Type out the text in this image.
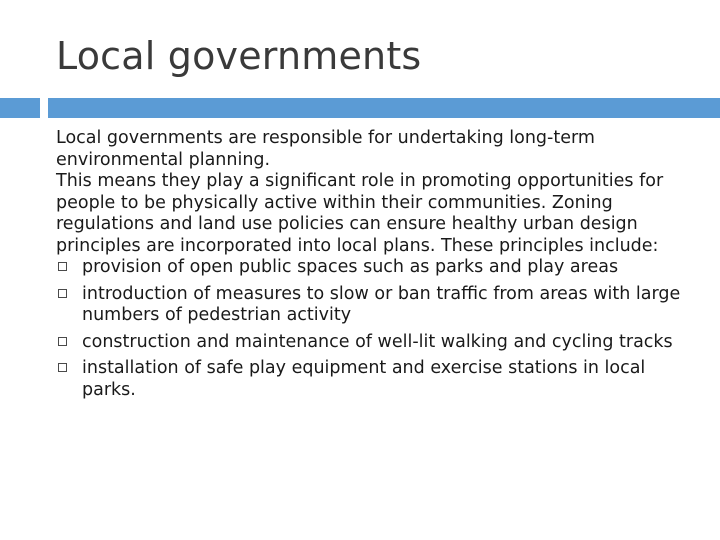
Local governments

Local governments are responsible for undertaking long-term environmental planning.

This means they play a significant role in promoting opportunities for people to be physically active within their communities. Zoning regulations and land use policies can ensure healthy urban design principles are incorporated into local plans. These principles include:

provision of open public spaces such as parks and play areas
introduction of measures to slow or ban traffic from areas with large numbers of pedestrian activity
construction and maintenance of well-lit walking and cycling tracks
installation of safe play equipment and exercise stations in local parks.
